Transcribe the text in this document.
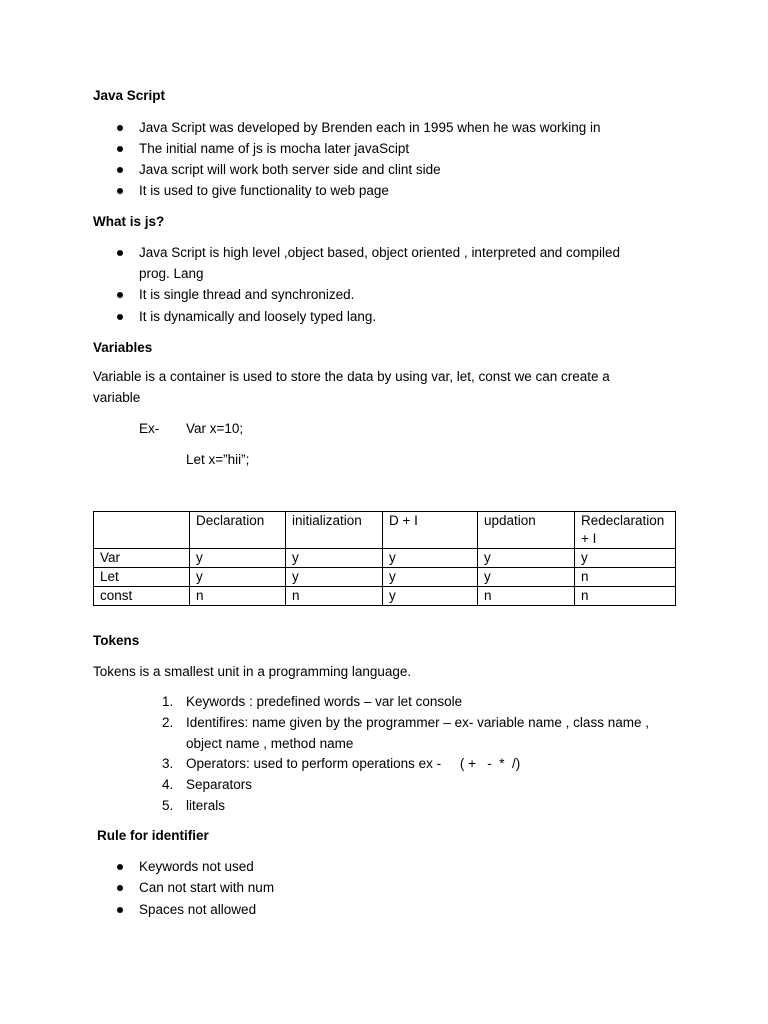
Java Script
Java Script was developed by Brenden each in 1995 when he was working in
The initial name of js is mocha later javaScipt
Java script will work both server side and clint side
It is used to give functionality to web page
What is js?
Java Script is high level ,object based, object oriented , interpreted and compiled
prog. Lang
It is single thread and synchronized.
It is dynamically and loosely typed lang.
Variables
Variable is a container is used to store the data by using var, let, const we can create a
variable
Ex- Var x=10;
Let x=”hii”;
	Declaration	initialization	D + I	updation	Redeclaration
+ I
Var	y	y	y	y	y
Let	y	y	y	y	n
const	n	n	y	n	n
Tokens
Tokens is a smallest unit in a programming language.
1. Keywords : predefined words – var let console
2. Identifires: name given by the programmer – ex- variable name , class name ,
object name , method name
3. Operators: used to perform operations ex -     ( +   -  *  /)
4. Separators
5. literals
Rule for identifier
Keywords not used
Can not start with num
Spaces not allowed
